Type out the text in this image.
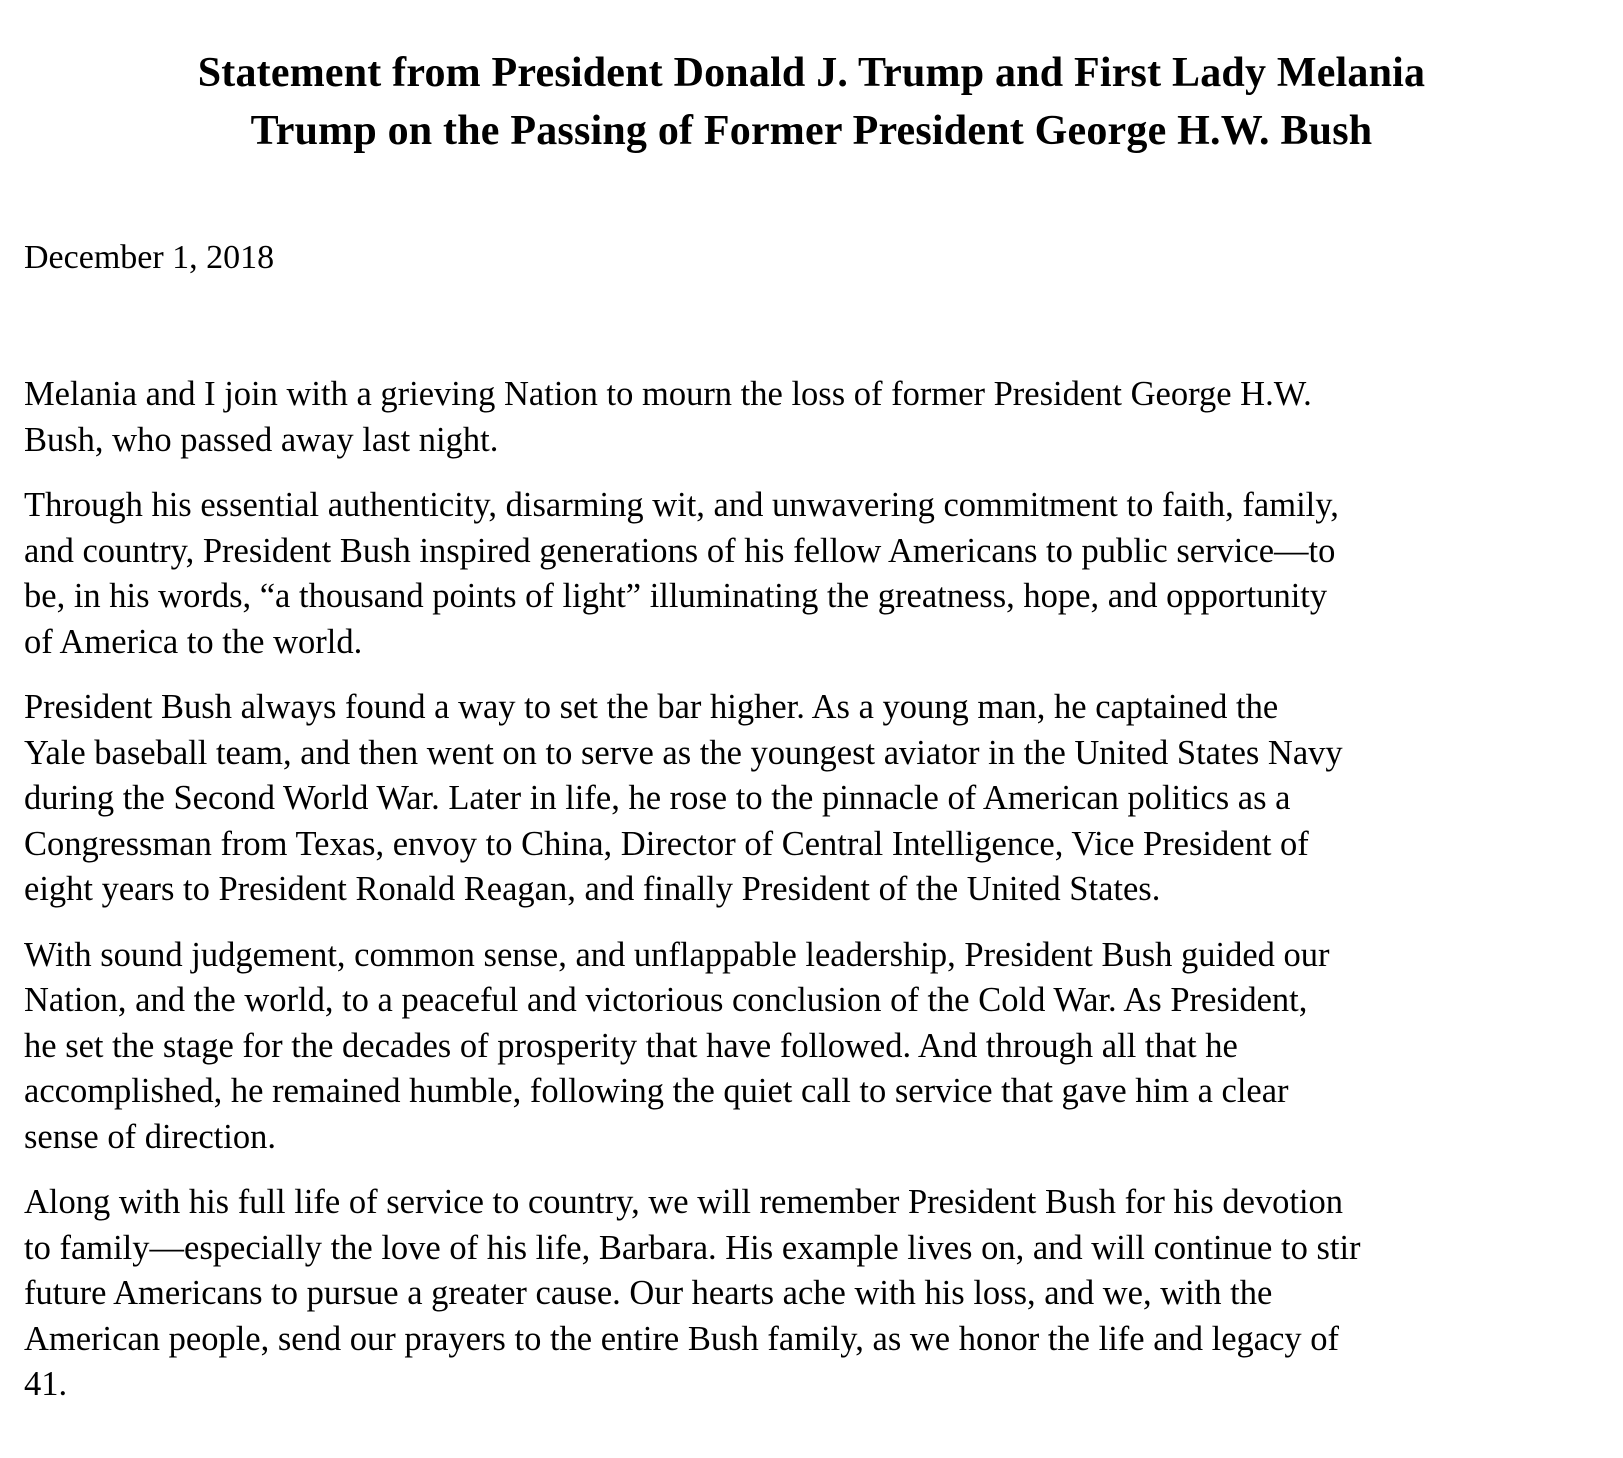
Statement from President Donald J. Trump and First Lady Melania
Trump on the Passing of Former President George H.W. Bush

December 1, 2018

Melania and I join with a grieving Nation to mourn the loss of former President George H.W.
Bush, who passed away last night.

Through his essential authenticity, disarming wit, and unwavering commitment to faith, family,
and country, President Bush inspired generations of his fellow Americans to public service—to
be, in his words, “a thousand points of light” illuminating the greatness, hope, and opportunity
of America to the world.

President Bush always found a way to set the bar higher. As a young man, he captained the
Yale baseball team, and then went on to serve as the youngest aviator in the United States Navy
during the Second World War. Later in life, he rose to the pinnacle of American politics as a
Congressman from Texas, envoy to China, Director of Central Intelligence, Vice President of
eight years to President Ronald Reagan, and finally President of the United States.

With sound judgement, common sense, and unflappable leadership, President Bush guided our
Nation, and the world, to a peaceful and victorious conclusion of the Cold War. As President,
he set the stage for the decades of prosperity that have followed. And through all that he
accomplished, he remained humble, following the quiet call to service that gave him a clear
sense of direction.

Along with his full life of service to country, we will remember President Bush for his devotion
to family—especially the love of his life, Barbara. His example lives on, and will continue to stir
future Americans to pursue a greater cause. Our hearts ache with his loss, and we, with the
American people, send our prayers to the entire Bush family, as we honor the life and legacy of
41.
